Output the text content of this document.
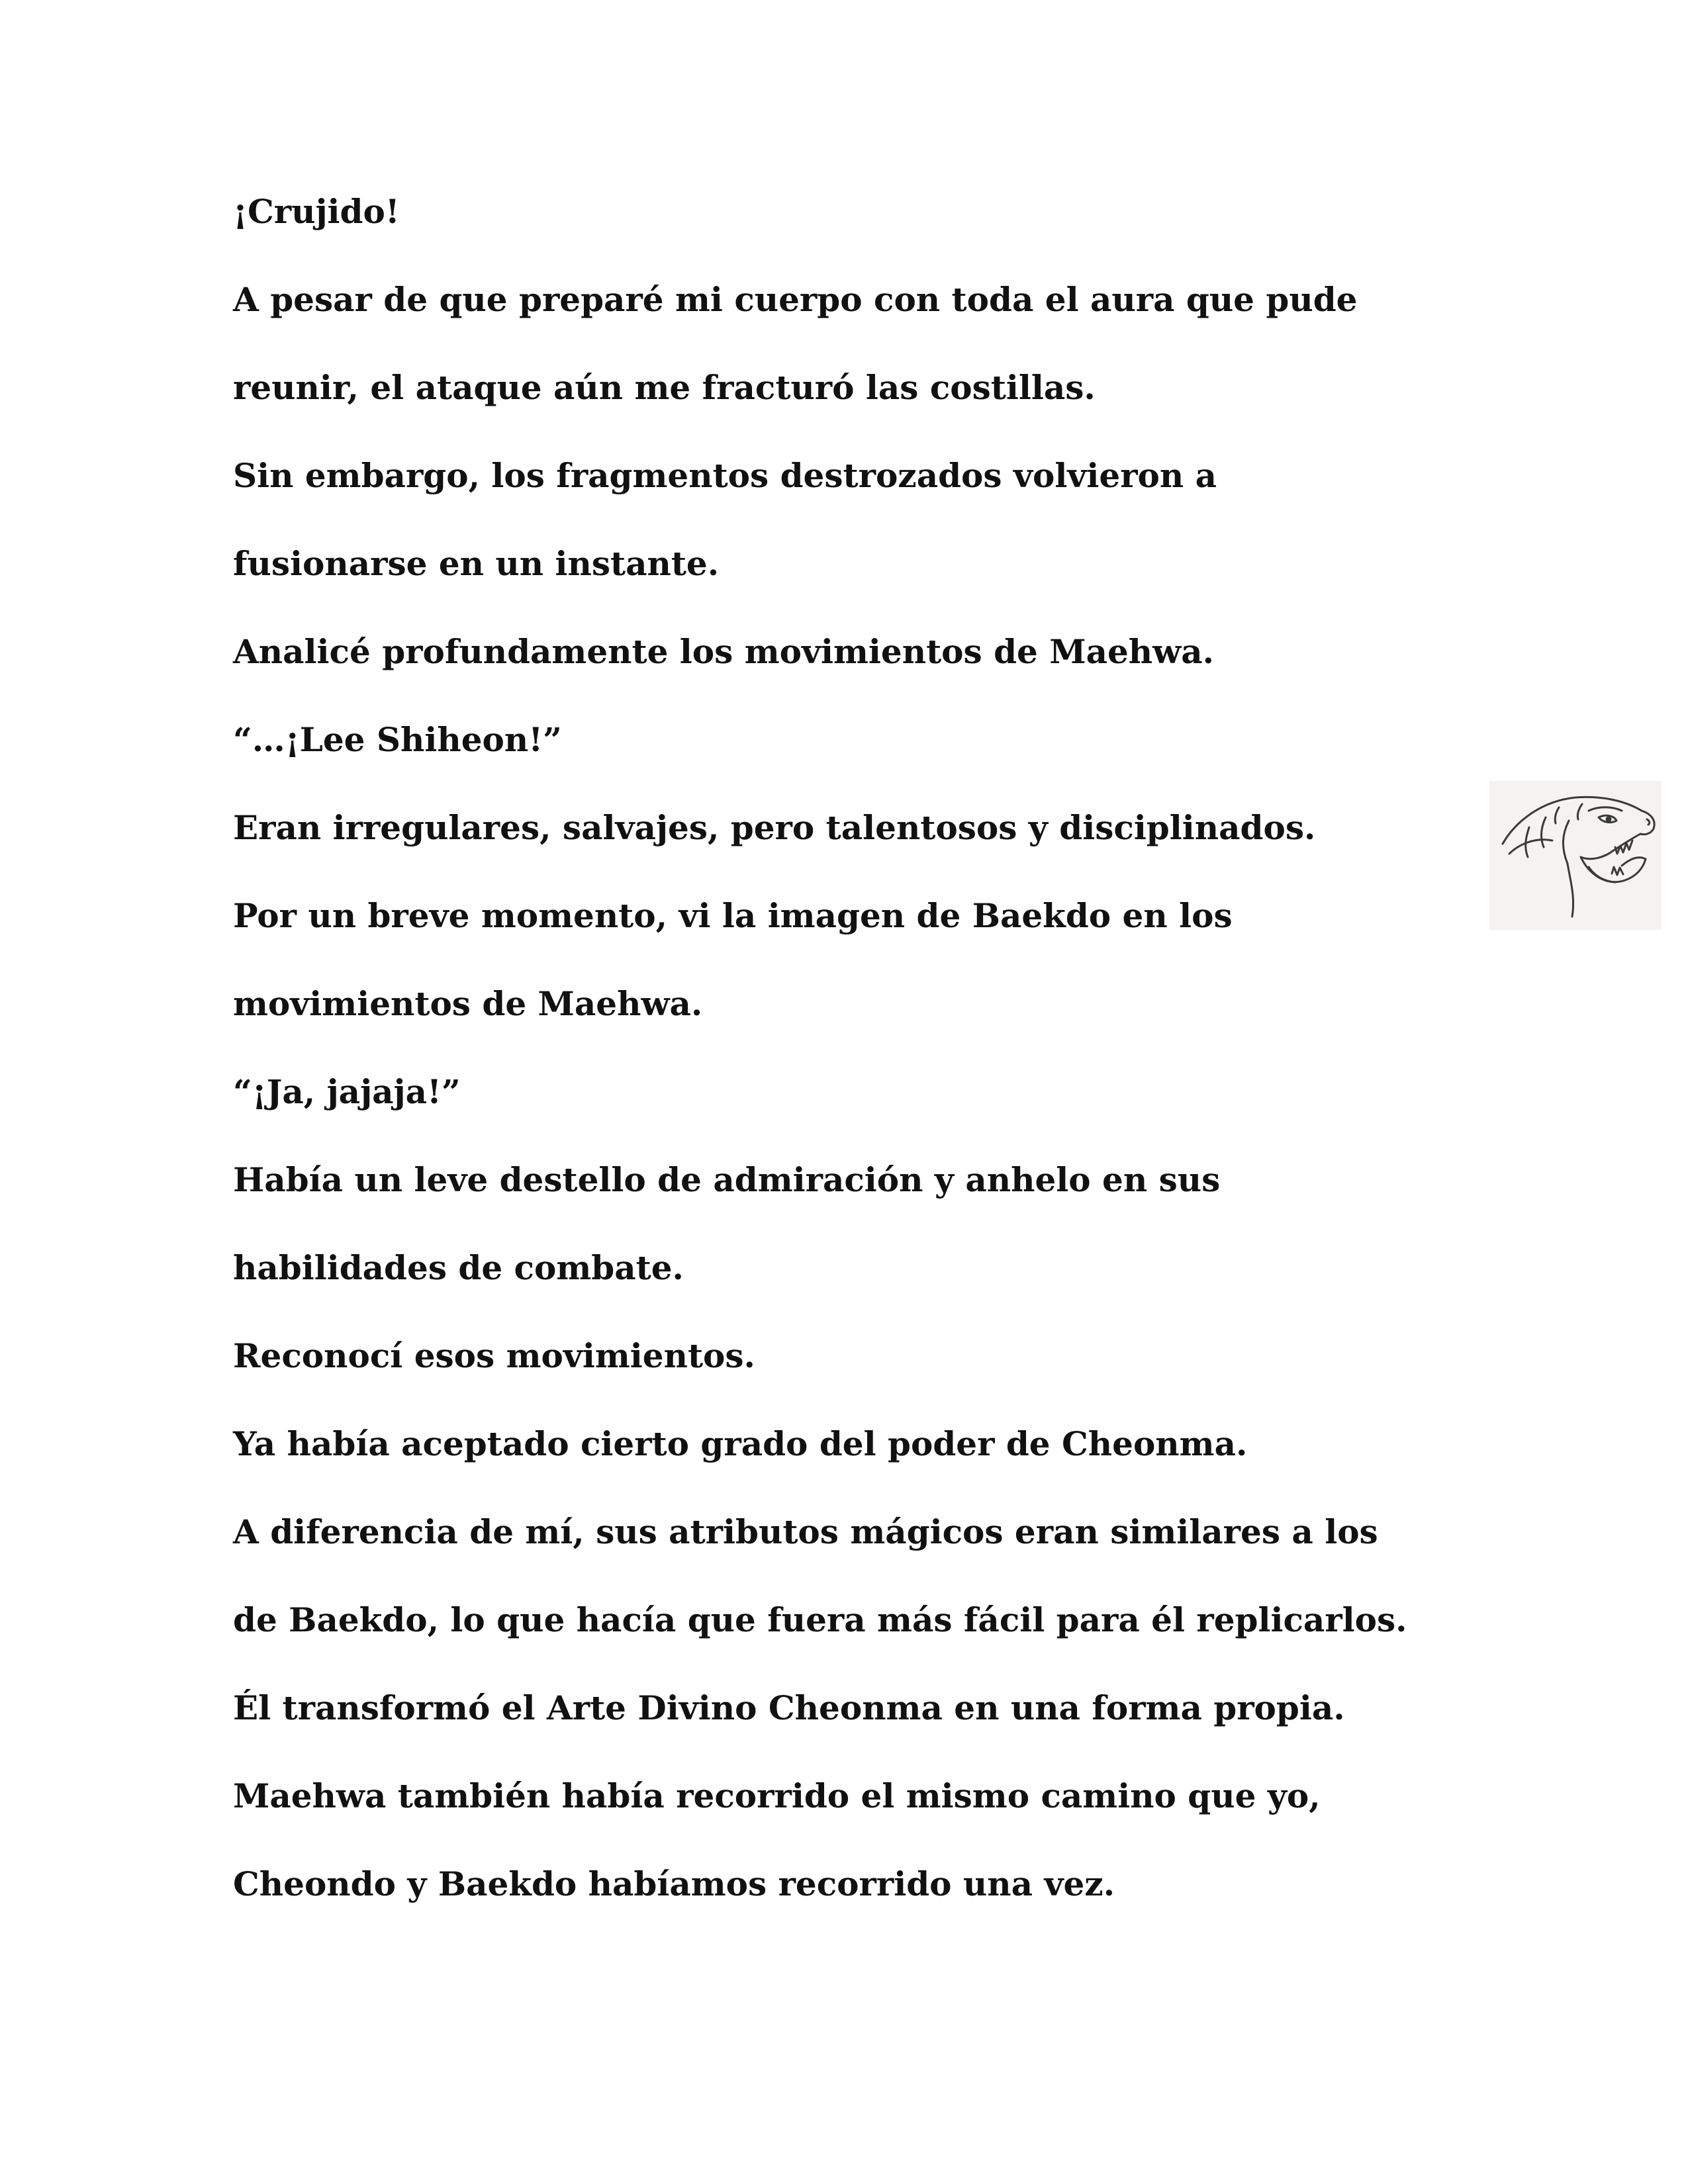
¡Crujido!
A pesar de que preparé mi cuerpo con toda el aura que pude
reunir, el ataque aún me fracturó las costillas.
Sin embargo, los fragmentos destrozados volvieron a
fusionarse en un instante.
Analicé profundamente los movimientos de Maehwa.
“…¡Lee Shiheon!”
Eran irregulares, salvajes, pero talentosos y disciplinados.
Por un breve momento, vi la imagen de Baekdo en los
movimientos de Maehwa.
“¡Ja, jajaja!”
Había un leve destello de admiración y anhelo en sus
habilidades de combate.
Reconocí esos movimientos.
Ya había aceptado cierto grado del poder de Cheonma.
A diferencia de mí, sus atributos mágicos eran similares a los
de Baekdo, lo que hacía que fuera más fácil para él replicarlos.
Él transformó el Arte Divino Cheonma en una forma propia.
Maehwa también había recorrido el mismo camino que yo,
Cheondo y Baekdo habíamos recorrido una vez.
